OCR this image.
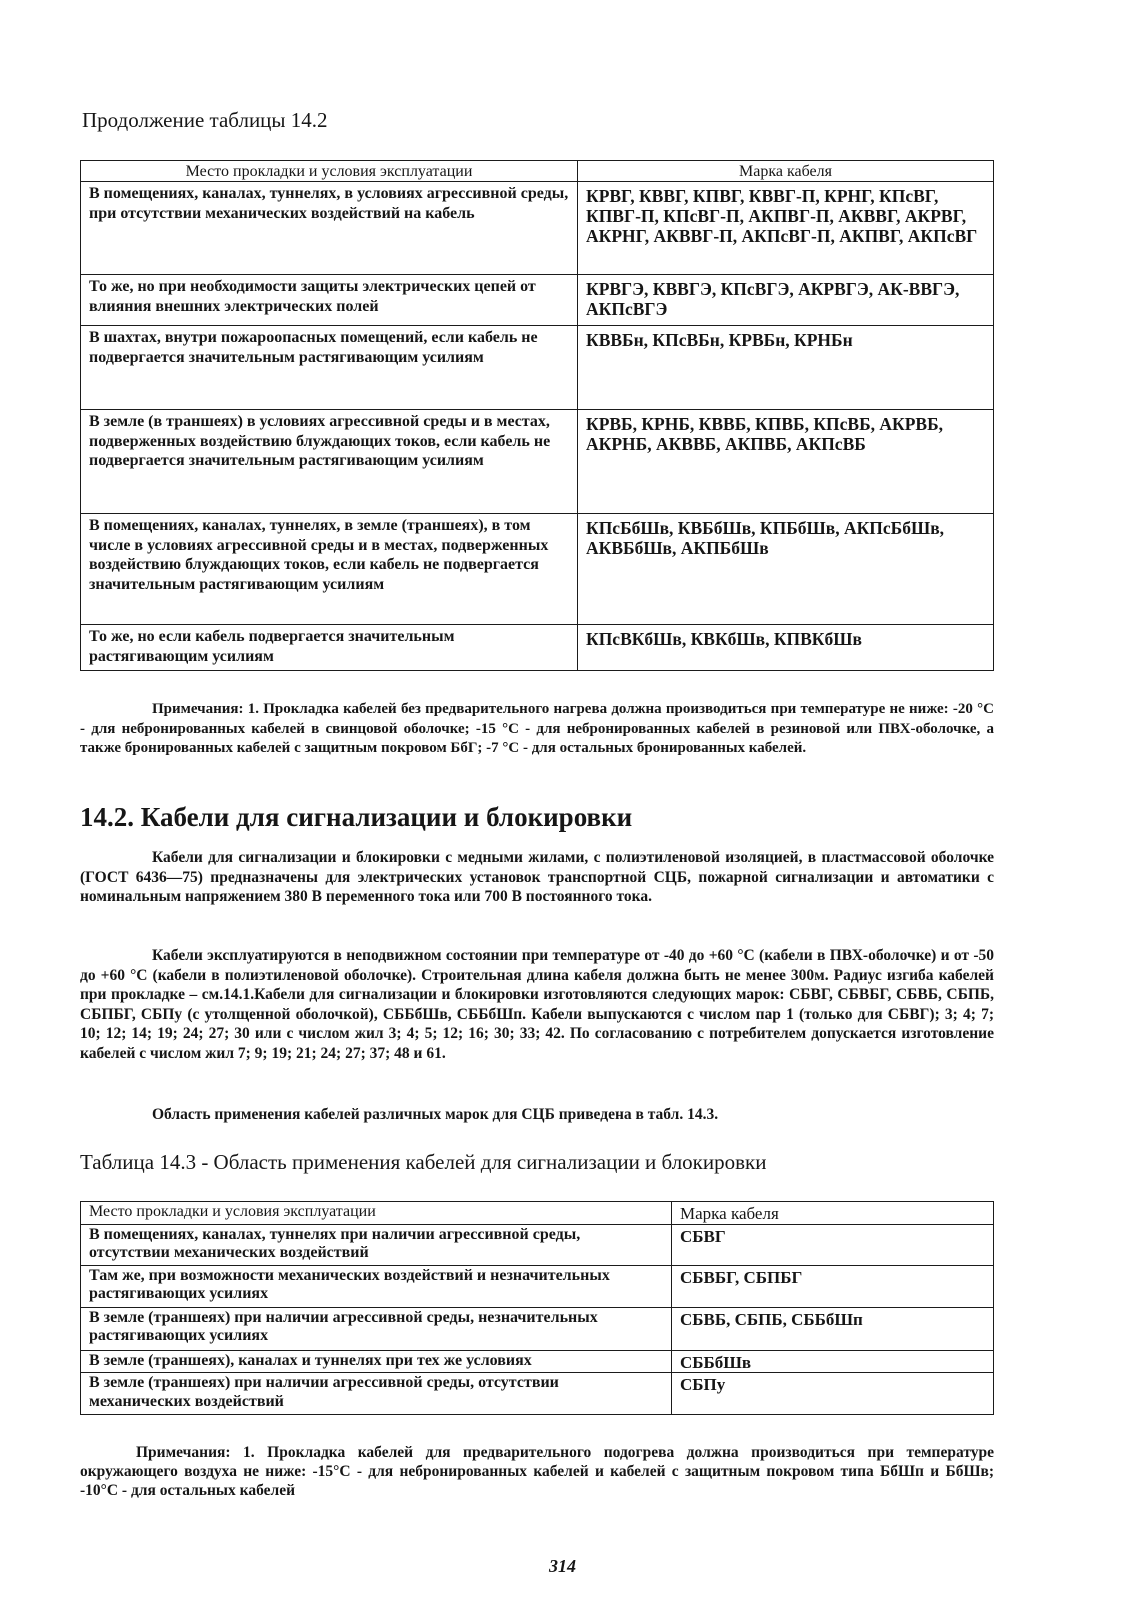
Продолжение таблицы 14.2
Место прокладки и условия эксплуатации	Марка кабеля
В помещениях, каналах, туннелях, в условиях агрессивной среды, при отсутствии механических воздействий на кабель	КРВГ, КВВГ, КПВГ, КВВГ-П, КРНГ, КПсВГ, КПВГ-П, КПсВГ-П, АКПВГ-П, АКВВГ, АКРВГ, АКРНГ, АКВВГ-П, АКПсВГ-П, АКПВГ, АКПсВГ
То же, но при необходимости защиты электрических цепей от влияния внешних электрических полей	КРВГЭ, КВВГЭ, КПсВГЭ, АКРВГЭ, АК-ВВГЭ, АКПсВГЭ
В шахтах, внутри пожароопасных помещений, если кабель не подвергается значительным растягивающим усилиям	КВВБн, КПсВБн, КРВБн, КРНБн
В земле (в траншеях) в условиях агрессивной среды и в местах, подверженных воздействию блуждающих токов, если кабель не подвергается значительным растягивающим усилиям	КРВБ, КРНБ, КВВБ, КПВБ, КПсВБ, АКРВБ, АКРНБ, АКВВБ, АКПВБ, АКПсВБ
В помещениях, каналах, туннелях, в земле (траншеях), в том числе в условиях агрессивной среды и в местах, подверженных воздействию блуждающих токов, если кабель не подвергается значительным растягивающим усилиям	КПсБбШв, КВБбШв, КПБбШв, АКПсБбШв, АКВБбШв, АКПБбШв
То же, но если кабель подвергается значительным растягивающим усилиям	КПсВКбШв, КВКбШв, КПВКбШв
Примечания: 1. Прокладка кабелей без предварительного нагрева должна производиться при температуре не ниже: -20 °С - для небронированных кабелей в свинцовой оболочке; -15 °С - для небронированных кабелей в резиновой или ПВХ-оболочке, а также бронированных кабелей с защитным покровом БбГ; -7 °С - для остальных бронированных кабелей.
14.2. Кабели для сигнализации и блокировки

Кабели для сигнализации и блокировки с медными жилами, с полиэтиленовой изоляцией, в пластмассовой оболочке (ГОСТ 6436—75) предназначены для электрических установок транспортной СЦБ, пожарной сигнализации и автоматики с номинальным напряжением 380 В переменного тока или 700 В постоянного тока.

Кабели эксплуатируются в неподвижном состоянии при температуре от -40 до +60 °С (кабели в ПВХ-оболочке) и от -50 до +60 °С (кабели в полиэтиленовой оболочке). Строительная длина кабеля должна быть не менее 300м. Радиус изгиба кабелей при прокладке – см.14.1.Кабели для сигнализации и блокировки изготовляются следующих марок: СБВГ, СБВБГ, СБВБ, СБПБ, СБПБГ, СБПу (с утолщенной оболочкой), СББбШв, СББбШп. Кабели выпускаются с числом пар 1 (только для СБВГ); 3; 4; 7; 10; 12; 14; 19; 24; 27; 30 или с числом жил 3; 4; 5; 12; 16; 30; 33; 42. По согласованию с потребителем допускается изготовление кабелей с числом жил 7; 9; 19; 21; 24; 27; 37; 48 и 61.

Область применения кабелей различных марок для СЦБ приведена в табл. 14.3.

Таблица 14.3 - Область применения кабелей для сигнализации и блокировки
Место прокладки и условия эксплуатации	Марка кабеля
В помещениях, каналах, туннелях при наличии агрессивной среды, отсутствии механических воздействий	СБВГ
Там же, при возможности механических воздействий и незначительных растягивающих усилиях	СБВБГ, СБПБГ
В земле (траншеях) при наличии агрессивной среды, незначительных растягивающих усилиях	СБВБ, СБПБ, СББбШп
В земле (траншеях), каналах и туннелях при тех же условиях	СББбШв
В земле (траншеях) при наличии агрессивной среды, отсутствии механических воздействий	СБПу
Примечания: 1. Прокладка кабелей для предварительного подогрева должна производиться при температуре окружающего воздуха не ниже: -15°С - для небронированных кабелей и кабелей с защитным покровом типа БбШп и БбШв; -10°С - для остальных кабелей
314
